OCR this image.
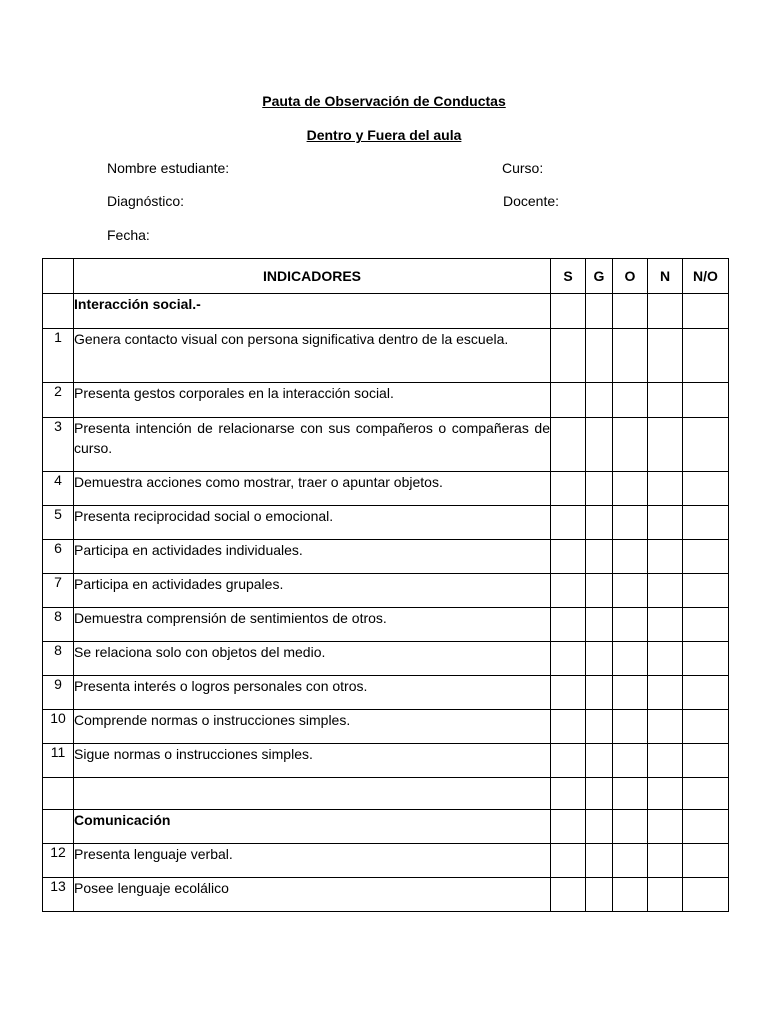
Pauta de Observación de Conductas
Dentro y Fuera del aula
Nombre estudiante:	Curso:
Diagnóstico:	Docente:
Fecha:
	INDICADORES	S	G	O	N	N/O
	Interacción social.-					
1	Genera contacto visual con persona significativa dentro de la escuela.					
2	Presenta gestos corporales en la interacción social.					
3	Presenta intención de relacionarse con sus compañeros o compañeras de curso.					
4	Demuestra acciones como mostrar, traer o apuntar objetos.					
5	Presenta reciprocidad social o emocional.					
6	Participa en actividades individuales.					
7	Participa en actividades grupales.					
8	Demuestra comprensión de sentimientos de otros.					
8	Se relaciona solo con objetos del medio.					
9	Presenta interés o logros personales con otros.					
10	Comprende normas o instrucciones simples.					
11	Sigue normas o instrucciones simples.					

	Comunicación					
12	Presenta lenguaje verbal.					
13	Posee lenguaje ecolálico					
